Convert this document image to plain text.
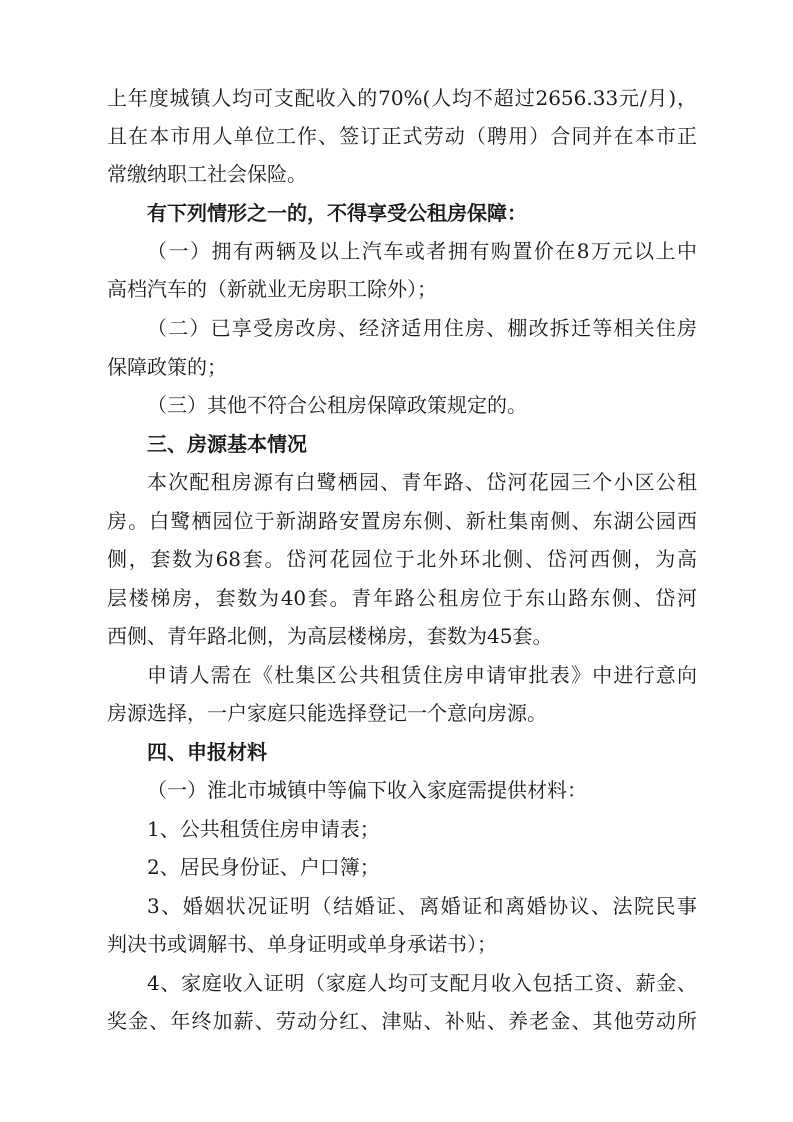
上年度城镇人均可支配收入的70%(人均不超过2656.33元/月)，
且在本市用人单位工作、签订正式劳动（聘用）合同并在本市正
常缴纳职工社会保险。
有下列情形之一的，不得享受公租房保障：
（一）拥有两辆及以上汽车或者拥有购置价在8万元以上中
高档汽车的（新就业无房职工除外）；
（二）已享受房改房、经济适用住房、棚改拆迁等相关住房
保障政策的；
（三）其他不符合公租房保障政策规定的。
三、房源基本情况
本次配租房源有白鹭栖园、青年路、岱河花园三个小区公租
房。白鹭栖园位于新湖路安置房东侧、新杜集南侧、东湖公园西
侧，套数为68套。岱河花园位于北外环北侧、岱河西侧，为高
层楼梯房，套数为40套。青年路公租房位于东山路东侧、岱河
西侧、青年路北侧，为高层楼梯房，套数为45套。
申请人需在《杜集区公共租赁住房申请审批表》中进行意向
房源选择，一户家庭只能选择登记一个意向房源。
四、申报材料
（一）淮北市城镇中等偏下收入家庭需提供材料：
1、公共租赁住房申请表；
2、居民身份证、户口簿；
3、婚姻状况证明（结婚证、离婚证和离婚协议、法院民事
判决书或调解书、单身证明或单身承诺书）；
4、家庭收入证明（家庭人均可支配月收入包括工资、薪金、
奖金、年终加薪、劳动分红、津贴、补贴、养老金、其他劳动所
